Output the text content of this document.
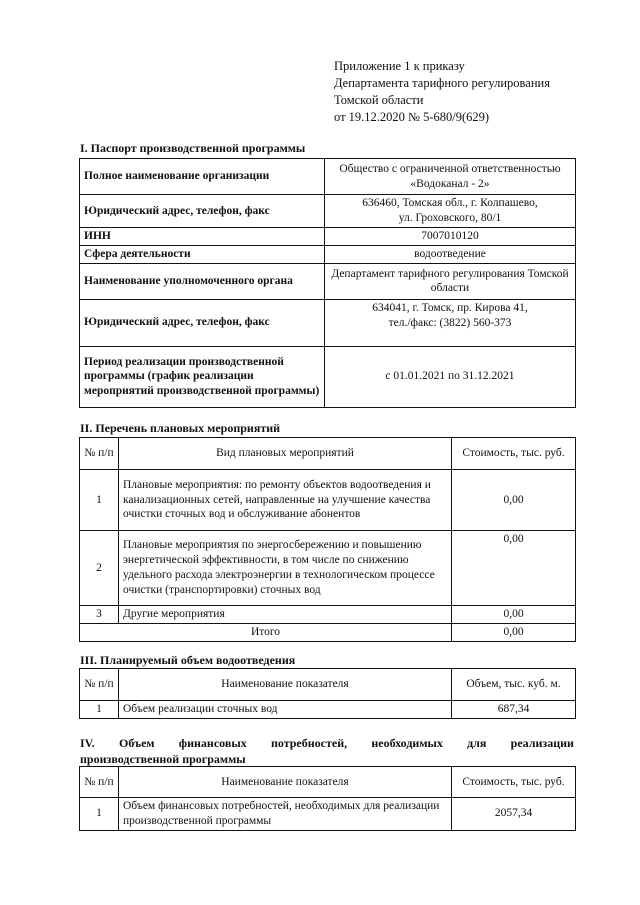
Приложение 1 к приказу
Департамента тарифного регулирования
Томской области
от 19.12.2020 № 5-680/9(629)
I. Паспорт производственной программы
Полное наименование организации	Общество с ограниченной ответственностью «Водоканал - 2»
Юридический адрес, телефон, факс	636460, Томская обл., г. Колпашево,
ул. Гроховского, 80/1

ИНН	7007010120
Сфера деятельности	водоотведение
Наименование уполномоченного органа	Департамент тарифного регулирования Томской области
Юридический адрес, телефон, факс	634041, г. Томск, пр. Кирова 41,
тел./факс: (3822) 560-373

Период реализации производственной программы (график реализации мероприятий производственной программы)	с 01.01.2021 по 31.12.2021
II. Перечень плановых мероприятий
№ п/п	Вид плановых мероприятий	Стоимость, тыс. руб.
1	Плановые мероприятия: по ремонту объектов водоотведения и канализационных сетей, направленные на улучшение качества очистки сточных вод и обслуживание абонентов	0,00
2	Плановые мероприятия по энергосбережению и повышению энергетической эффективности, в том числе по снижению удельного расхода электроэнергии в технологическом процессе очистки (транспортировки) сточных вод	0,00
3	Другие мероприятия	0,00
Итого		0,00
III. Планируемый объем водоотведения
№ п/п	Наименование показателя	Объем, тыс. куб. м.
1	Объем реализации сточных вод	687,34
IV. Объем финансовых потребностей, необходимых для реализации
производственной программы
№ п/п	Наименование показателя	Стоимость, тыс. руб.
1	Объем финансовых потребностей, необходимых для реализации производственной программы	2057,34
